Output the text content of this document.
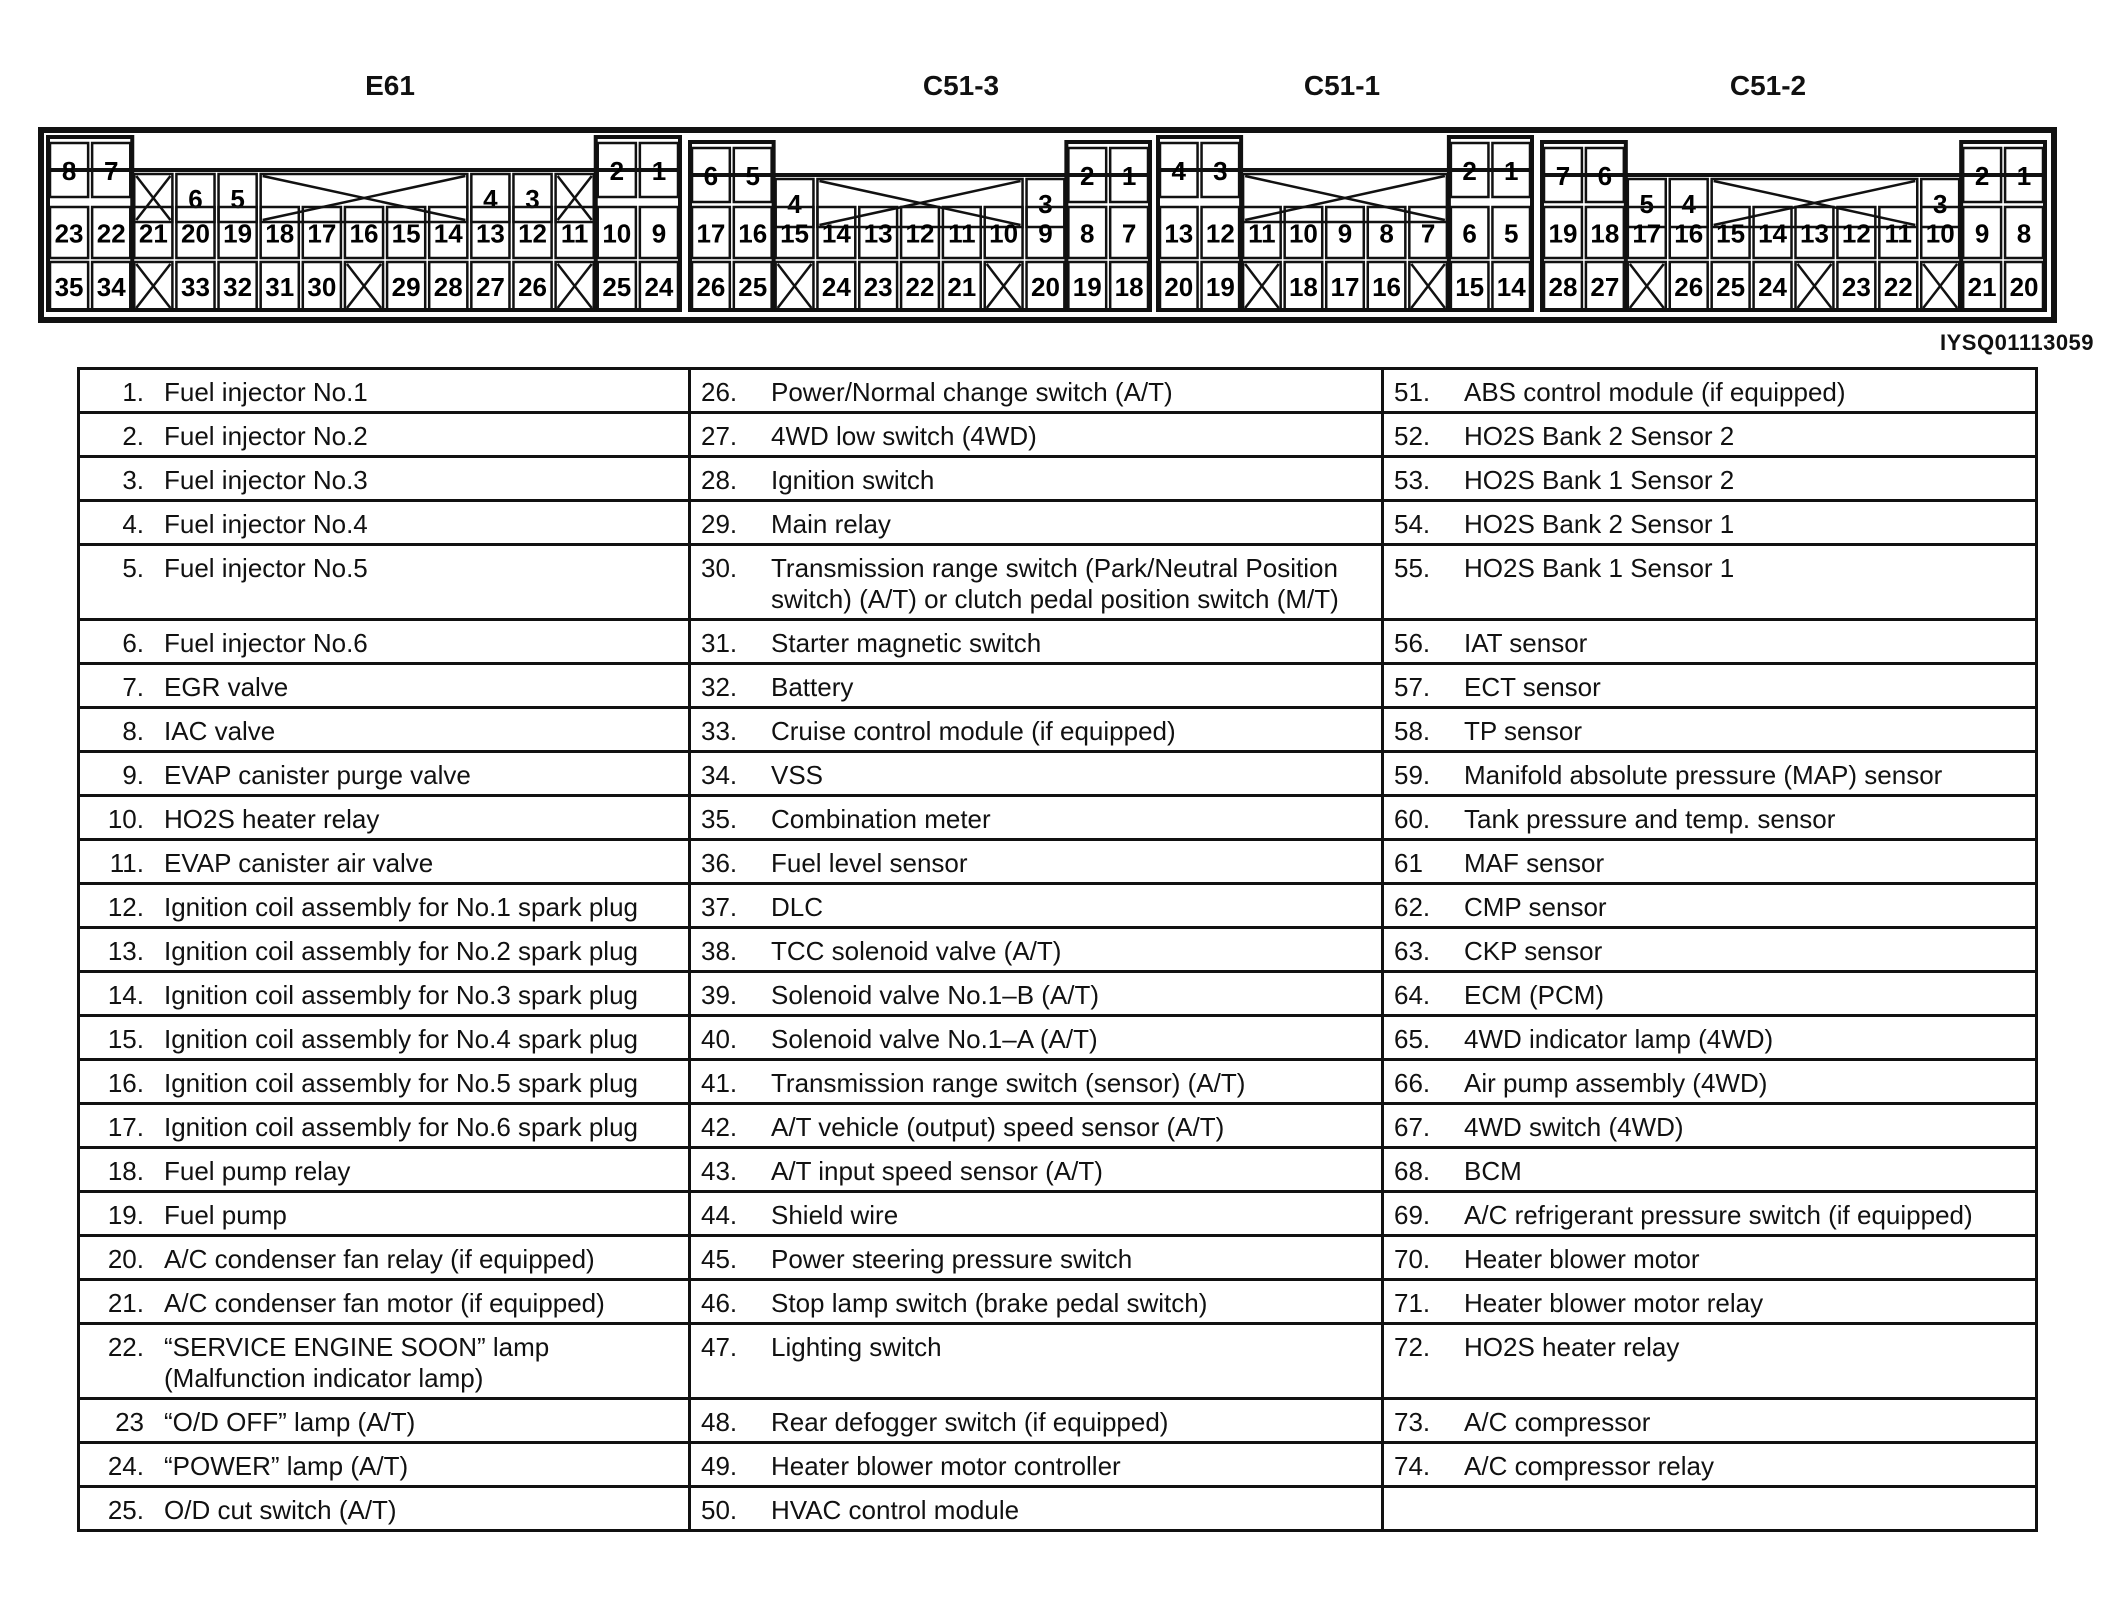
8 7
6 5	4 3
2 1
23 22 21 20 19 18 17 16 15 14 13 12 11 10 9
35 34 33 32 31 30 29 28 27 26 25 24
6 5
4	3
2 1
17 16 15 14 13 12 11 10 9 8 7
26 25 24 23 22 21 20 19 18
4 3	2 1
13 12 11 10 9 8 7 6 5
20 19 18 17 16 15 14
7 6
5 4	3
2 1
19 18 17 16 15 14 13 12 11 10 9 8
28 27 26 25 24 23 22 21 20
E61	C51-3	C51-1	C51-2
IYSQ01113059
1. Fuel injector No.1	26. Power/Normal change switch (A/T)	51. ABS control module (if equipped)

2. Fuel injector No.2	27. 4WD low switch (4WD)	52. HO2S Bank 2 Sensor 2

3. Fuel injector No.3	28. Ignition switch	53. HO2S Bank 1 Sensor 2

4. Fuel injector No.4	29. Main relay	54. HO2S Bank 2 Sensor 1

5. Fuel injector No.5	30. Transmission range switch (Park/Neutral Position switch) (A/T) or clutch pedal position switch (M/T)	55. HO2S Bank 1 Sensor 1

6. Fuel injector No.6	31. Starter magnetic switch	56. IAT sensor

7. EGR valve	32. Battery	57. ECT sensor

8. IAC valve	33. Cruise control module (if equipped)	58. TP sensor

9. EVAP canister purge valve	34. VSS	59. Manifold absolute pressure (MAP) sensor

10. HO2S heater relay	35. Combination meter	60. Tank pressure and temp. sensor

11. EVAP canister air valve	36. Fuel level sensor	61 MAF sensor

12. Ignition coil assembly for No.1 spark plug	37. DLC	62. CMP sensor

13. Ignition coil assembly for No.2 spark plug	38. TCC solenoid valve (A/T)	63. CKP sensor

14. Ignition coil assembly for No.3 spark plug	39. Solenoid valve No.1–B (A/T)	64. ECM (PCM)

15. Ignition coil assembly for No.4 spark plug	40. Solenoid valve No.1–A (A/T)	65. 4WD indicator lamp (4WD)

16. Ignition coil assembly for No.5 spark plug	41. Transmission range switch (sensor) (A/T)	66. Air pump assembly (4WD)

17. Ignition coil assembly for No.6 spark plug	42. A/T vehicle (output) speed sensor (A/T)	67. 4WD switch (4WD)

18. Fuel pump relay	43. A/T input speed sensor (A/T)	68. BCM

19. Fuel pump	44. Shield wire	69. A/C refrigerant pressure switch (if equipped)

20. A/C condenser fan relay (if equipped)	45. Power steering pressure switch	70. Heater blower motor

21. A/C condenser fan motor (if equipped)	46. Stop lamp switch (brake pedal switch)	71. Heater blower motor relay

22. “SERVICE ENGINE SOON” lamp (Malfunction indicator lamp)	47. Lighting switch	72. HO2S heater relay

23 “O/D OFF” lamp (A/T)	48. Rear defogger switch (if equipped)	73. A/C compressor

24. “POWER” lamp (A/T)	49. Heater blower motor controller	74. A/C compressor relay

25. O/D cut switch (A/T)	50. HVAC control module	
